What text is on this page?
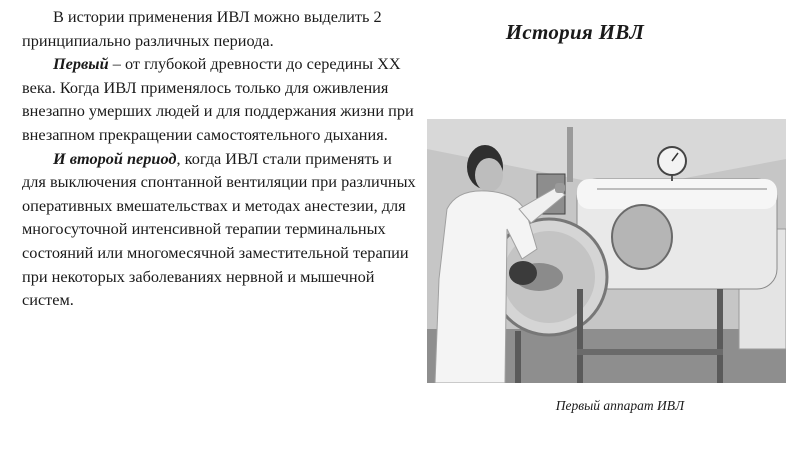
В истории применения ИВЛ можно выделить 2 принципиально различных периода.

Первый – от глубокой древности до середины XX века. Когда ИВЛ применялось только для оживления внезапно умерших людей и для поддержания жизни при внезапном прекращении самостоятельного дыхания.

И второй период, когда ИВЛ стали применять и для выключения спонтанной вентиляции при различных оперативных вмешательствах и методах анестезии, для многосуточной интенсивной терапии терминальных состояний или многомесячной заместительной терапии при некоторых заболеваниях нервной и мышечной систем.

История ИВЛ
Первый аппарат ИВЛ
